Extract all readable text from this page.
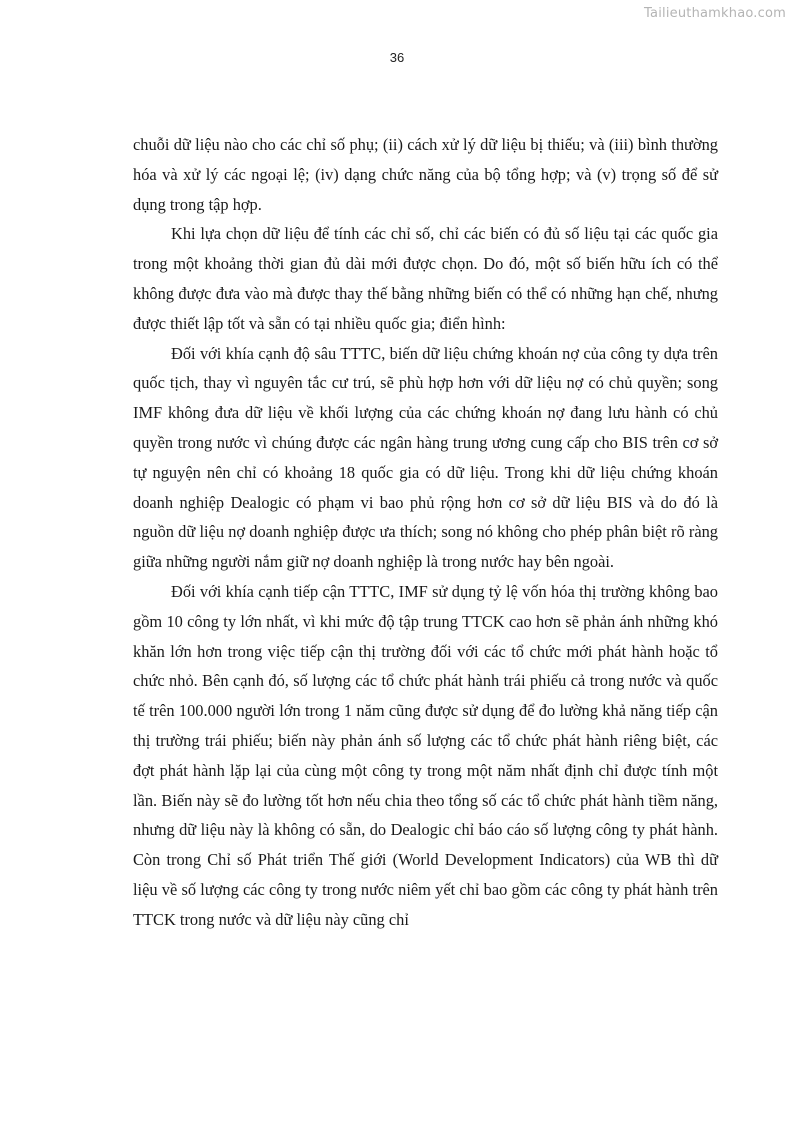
Tailieuthamkhao.com
36

chuỗi dữ liệu nào cho các chỉ số phụ; (ii) cách xử lý dữ liệu bị thiếu; và (iii) bình thường hóa và xử lý các ngoại lệ; (iv) dạng chức năng của bộ tổng hợp; và (v) trọng số để sử dụng trong tập hợp.

Khi lựa chọn dữ liệu để tính các chỉ số, chỉ các biến có đủ số liệu tại các quốc gia trong một khoảng thời gian đủ dài mới được chọn. Do đó, một số biến hữu ích có thể không được đưa vào mà được thay thế bằng những biến có thể có những hạn chế, nhưng được thiết lập tốt và sẵn có tại nhiều quốc gia; điển hình:

Đối với khía cạnh độ sâu TTTC, biến dữ liệu chứng khoán nợ của công ty dựa trên quốc tịch, thay vì nguyên tắc cư trú, sẽ phù hợp hơn với dữ liệu nợ có chủ quyền; song IMF không đưa dữ liệu về khối lượng của các chứng khoán nợ đang lưu hành có chủ quyền trong nước vì chúng được các ngân hàng trung ương cung cấp cho BIS trên cơ sở tự nguyện nên chỉ có khoảng 18 quốc gia có dữ liệu. Trong khi dữ liệu chứng khoán doanh nghiệp Dealogic có phạm vi bao phủ rộng hơn cơ sở dữ liệu BIS và do đó là nguồn dữ liệu nợ doanh nghiệp được ưa thích; song nó không cho phép phân biệt rõ ràng giữa những người nắm giữ nợ doanh nghiệp là trong nước hay bên ngoài.

Đối với khía cạnh tiếp cận TTTC, IMF sử dụng tỷ lệ vốn hóa thị trường không bao gồm 10 công ty lớn nhất, vì khi mức độ tập trung TTCK cao hơn sẽ phản ánh những khó khăn lớn hơn trong việc tiếp cận thị trường đối với các tổ chức mới phát hành hoặc tổ chức nhỏ. Bên cạnh đó, số lượng các tổ chức phát hành trái phiếu cả trong nước và quốc tế trên 100.000 người lớn trong 1 năm cũng được sử dụng để đo lường khả năng tiếp cận thị trường trái phiếu; biến này phản ánh số lượng các tổ chức phát hành riêng biệt, các đợt phát hành lặp lại của cùng một công ty trong một năm nhất định chỉ được tính một lần. Biến này sẽ đo lường tốt hơn nếu chia theo tổng số các tổ chức phát hành tiềm năng, nhưng dữ liệu này là không có sẵn, do Dealogic chỉ báo cáo số lượng công ty phát hành. Còn trong Chỉ số Phát triển Thế giới (World Development Indicators) của WB thì dữ liệu về số lượng các công ty trong nước niêm yết chỉ bao gồm các công ty phát hành trên TTCK trong nước và dữ liệu này cũng chỉ
